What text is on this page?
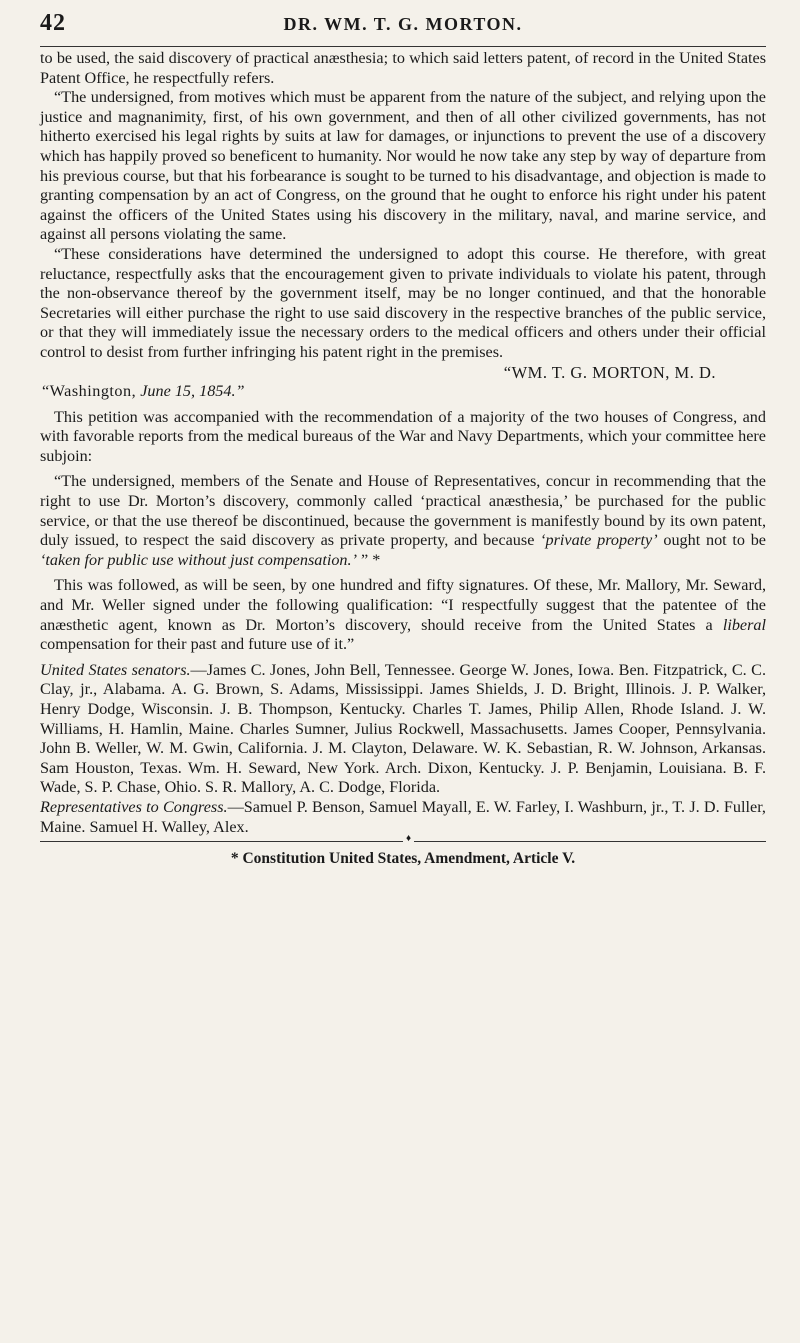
42	DR. WM. T. G. MORTON.

to be used, the said discovery of practical anæsthesia; to which said letters patent, of record in the United States Patent Office, he respectfully refers.

“The undersigned, from motives which must be apparent from the nature of the subject, and relying upon the justice and magnanimity, first, of his own government, and then of all other civilized governments, has not hitherto exercised his legal rights by suits at law for damages, or injunctions to prevent the use of a discovery which has happily proved so beneficent to humanity. Nor would he now take any step by way of departure from his previous course, but that his forbearance is sought to be turned to his disadvantage, and objection is made to granting compensation by an act of Congress, on the ground that he ought to enforce his right under his patent against the officers of the United States using his discovery in the military, naval, and marine service, and against all persons violating the same.

“These considerations have determined the undersigned to adopt this course. He therefore, with great reluctance, respectfully asks that the encouragement given to private individuals to violate his patent, through the non-observance thereof by the government itself, may be no longer continued, and that the honorable Secretaries will either purchase the right to use said discovery in the respective branches of the public service, or that they will immediately issue the necessary orders to the medical officers and others under their official control to desist from further infringing his patent right in the premises.

“WM. T. G. MORTON, M. D.
“Washington, June 15, 1854.”

This petition was accompanied with the recommendation of a majority of the two houses of Congress, and with favorable reports from the medical bureaus of the War and Navy Departments, which your committee here subjoin:

“The undersigned, members of the Senate and House of Representatives, concur in recommending that the right to use Dr. Morton’s discovery, commonly called ‘practical anæsthesia,’ be purchased for the public service, or that the use thereof be discontinued, because the government is manifestly bound by its own patent, duly issued, to respect the said discovery as private property, and because ‘private property’ ought not to be ‘taken for public use without just compensation.’ ” *

This was followed, as will be seen, by one hundred and fifty signatures. Of these, Mr. Mallory, Mr. Seward, and Mr. Weller signed under the following qualification: “I respectfully suggest that the patentee of the anæsthetic agent, known as Dr. Morton’s discovery, should receive from the United States a liberal compensation for their past and future use of it.”

United States senators.—James C. Jones, John Bell, Tennessee. George W. Jones, Iowa. Ben. Fitzpatrick, C. C. Clay, jr., Alabama. A. G. Brown, S. Adams, Mississippi. James Shields, J. D. Bright, Illinois. J. P. Walker, Henry Dodge, Wisconsin. J. B. Thompson, Kentucky. Charles T. James, Philip Allen, Rhode Island. J. W. Williams, H. Hamlin, Maine. Charles Sumner, Julius Rockwell, Massachusetts. James Cooper, Pennsylvania. John B. Weller, W. M. Gwin, California. J. M. Clayton, Delaware. W. K. Sebastian, R. W. Johnson, Arkansas. Sam Houston, Texas. Wm. H. Seward, New York. Arch. Dixon, Kentucky. J. P. Benjamin, Louisiana. B. F. Wade, S. P. Chase, Ohio. S. R. Mallory, A. C. Dodge, Florida.

Representatives to Congress.—Samuel P. Benson, Samuel Mayall, E. W. Farley, I. Washburn, jr., T. J. D. Fuller, Maine. Samuel H. Walley, Alex.

♦
* Constitution United States, Amendment, Article V.
